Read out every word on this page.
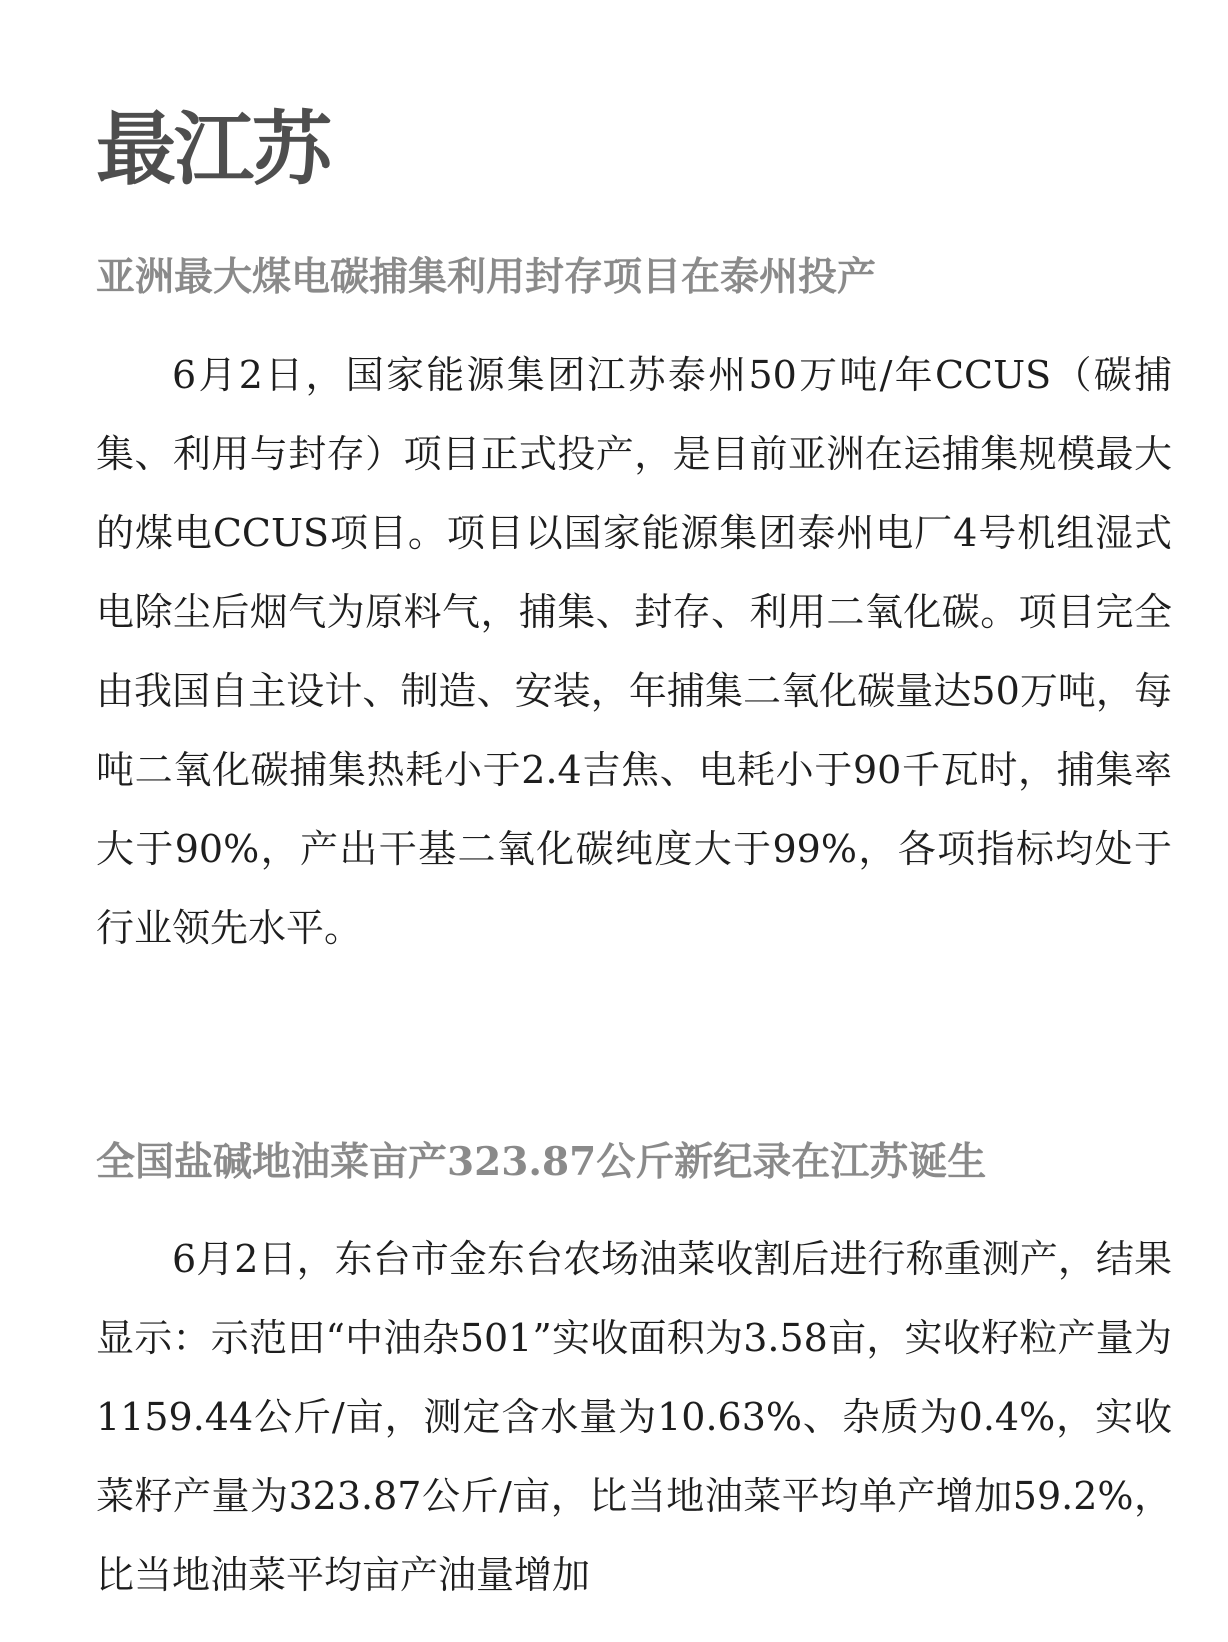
最江苏
亚洲最大煤电碳捕集利用封存项目在泰州投产

6月2日，国家能源集团江苏泰州50万吨/年CCUS（碳捕集、利用与封存）项目正式投产，是目前亚洲在运捕集规模最大的煤电CCUS项目。项目以国家能源集团泰州电厂4号机组湿式电除尘后烟气为原料气，捕集、封存、利用二氧化碳。项目完全由我国自主设计、制造、安装，年捕集二氧化碳量达50万吨，每吨二氧化碳捕集热耗小于2.4吉焦、电耗小于90千瓦时，捕集率大于90%，产出干基二氧化碳纯度大于99%，各项指标均处于行业领先水平。

全国盐碱地油菜亩产323.87公斤新纪录在江苏诞生

6月2日，东台市金东台农场油菜收割后进行称重测产，结果显示：示范田“中油杂501”实收面积为3.58亩，实收籽粒产量为1159.44公斤/亩，测定含水量为10.63%、杂质为0.4%，实收菜籽产量为323.87公斤/亩，比当地油菜平均单产增加59.2%，比当地油菜平均亩产油量增加
